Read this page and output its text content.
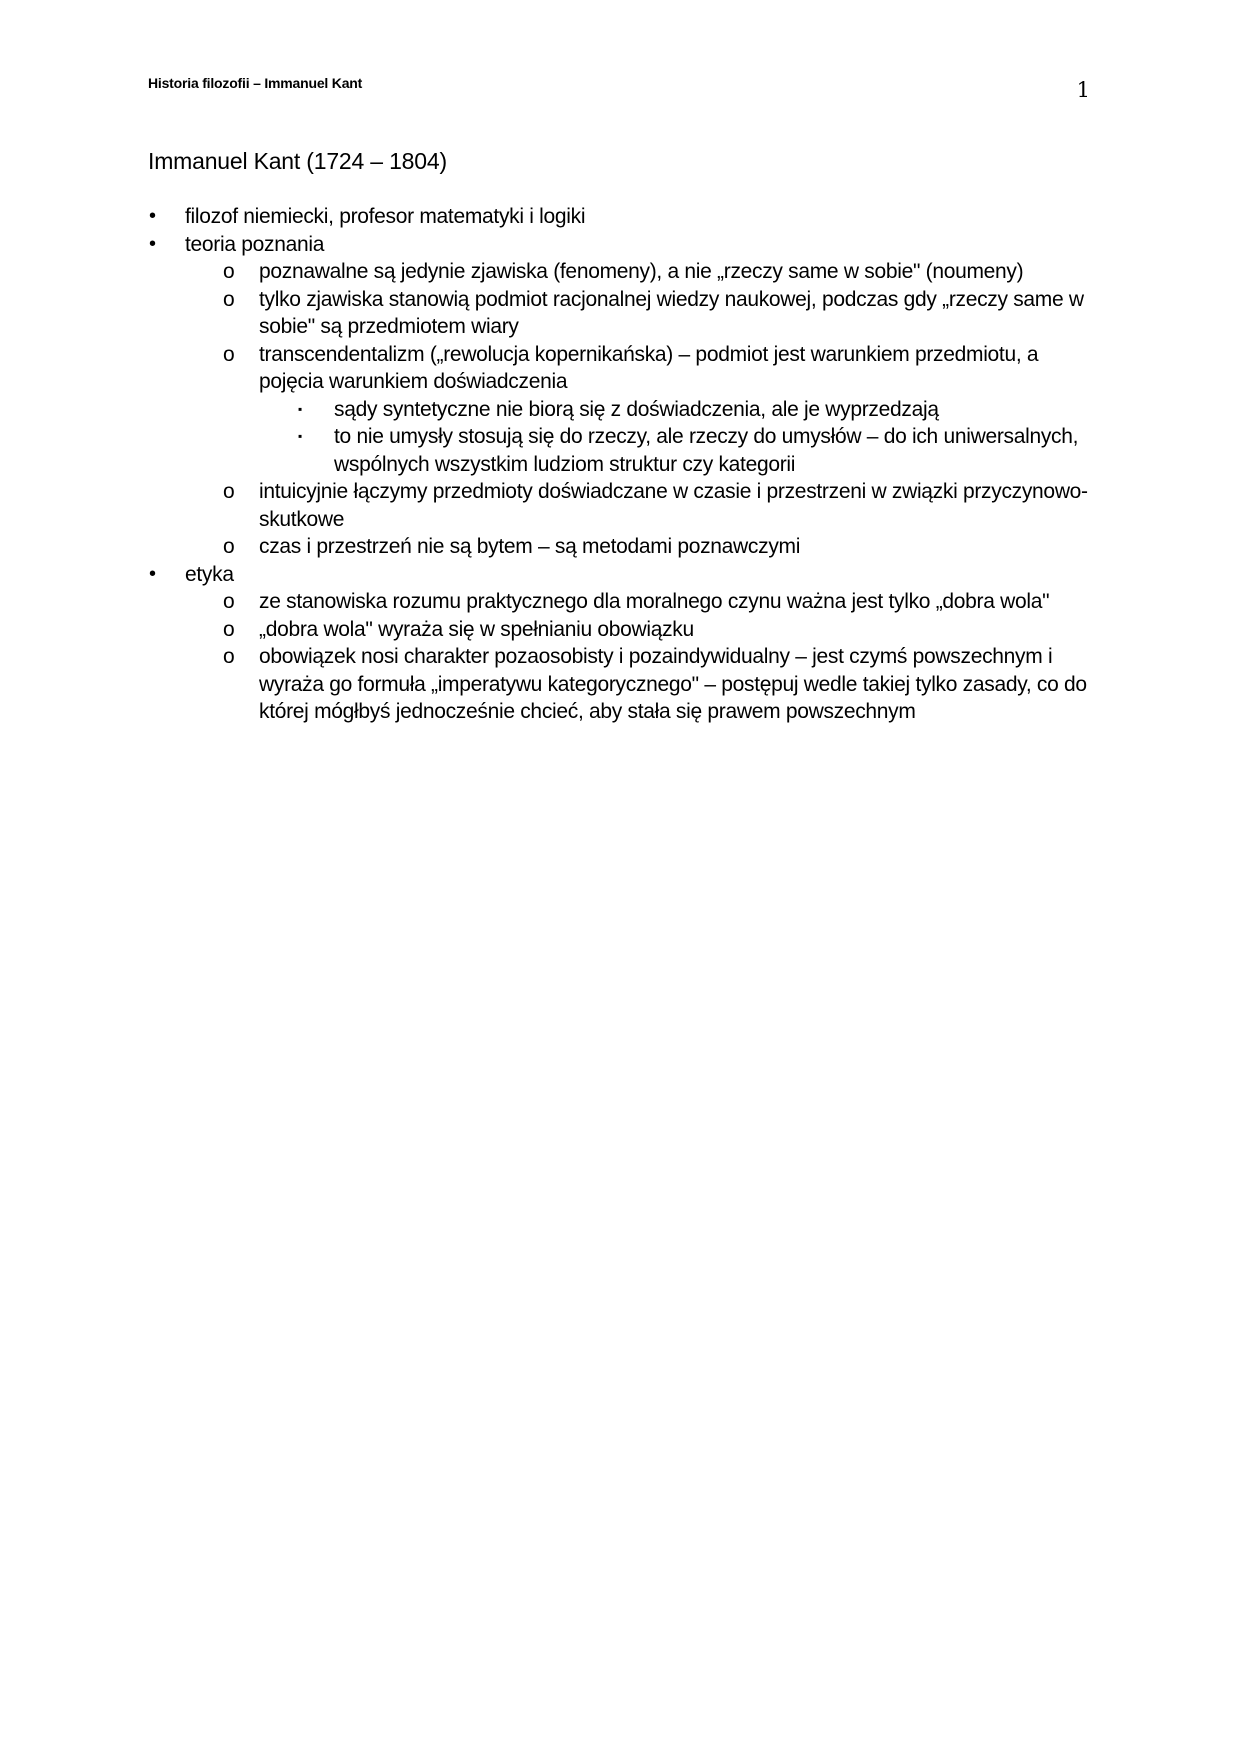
Historia filozofii – Immanuel Kant	1
Immanuel Kant (1724 – 1804)
• filozof niemiecki, profesor matematyki i logiki
• teoria poznania
o poznawalne są jedynie zjawiska (fenomeny), a nie „rzeczy same w sobie" (noumeny)
o tylko zjawiska stanowią podmiot racjonalnej wiedzy naukowej, podczas gdy „rzeczy same w sobie" są przedmiotem wiary
o transcendentalizm („rewolucja kopernikańska) – podmiot jest warunkiem przedmiotu, a pojęcia warunkiem doświadczenia
▪ sądy syntetyczne nie biorą się z doświadczenia, ale je wyprzedzają
▪ to nie umysły stosują się do rzeczy, ale rzeczy do umysłów – do ich uniwersalnych, wspólnych wszystkim ludziom struktur czy kategorii
o intuicyjnie łączymy przedmioty doświadczane w czasie i przestrzeni w związki przyczynowo-skutkowe
o czas i przestrzeń nie są bytem – są metodami poznawczymi
• etyka
o ze stanowiska rozumu praktycznego dla moralnego czynu ważna jest tylko „dobra wola"
o „dobra wola" wyraża się w spełnianiu obowiązku
o obowiązek nosi charakter pozaosobisty i pozaindywidualny – jest czymś powszechnym i wyraża go formuła „imperatywu kategorycznego" – postępuj wedle takiej tylko zasady, co do której mógłbyś jednocześnie chcieć, aby stała się prawem powszechnym
